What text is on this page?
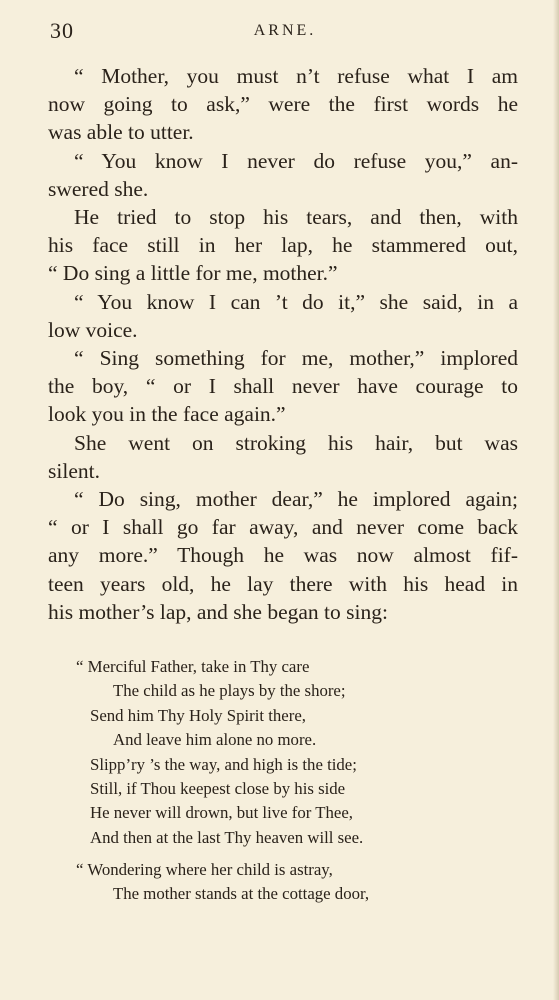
30	ARNE.

“ Mother, you must n’t refuse what I am
now going to ask,” were the first words he
was able to utter.

“ You know I never do refuse you,” an-
swered she.

He tried to stop his tears, and then, with
his face still in her lap, he stammered out,
“ Do sing a little for me, mother.”

“ You know I can ’t do it,” she said, in a
low voice.

“ Sing something for me, mother,” implored
the boy, “ or I shall never have courage to
look you in the face again.”

She went on stroking his hair, but was
silent.

“ Do sing, mother dear,” he implored again;
“ or I shall go far away, and never come back
any more.” Though he was now almost fif-
teen years old, he lay there with his head in
his mother’s lap, and she began to sing:

“ Merciful Father, take in Thy care
The child as he plays by the shore;
Send him Thy Holy Spirit there,
And leave him alone no more.
Slipp’ry ’s the way, and high is the tide;
Still, if Thou keepest close by his side
He never will drown, but live for Thee,
And then at the last Thy heaven will see.
“ Wondering where her child is astray,
The mother stands at the cottage door,
